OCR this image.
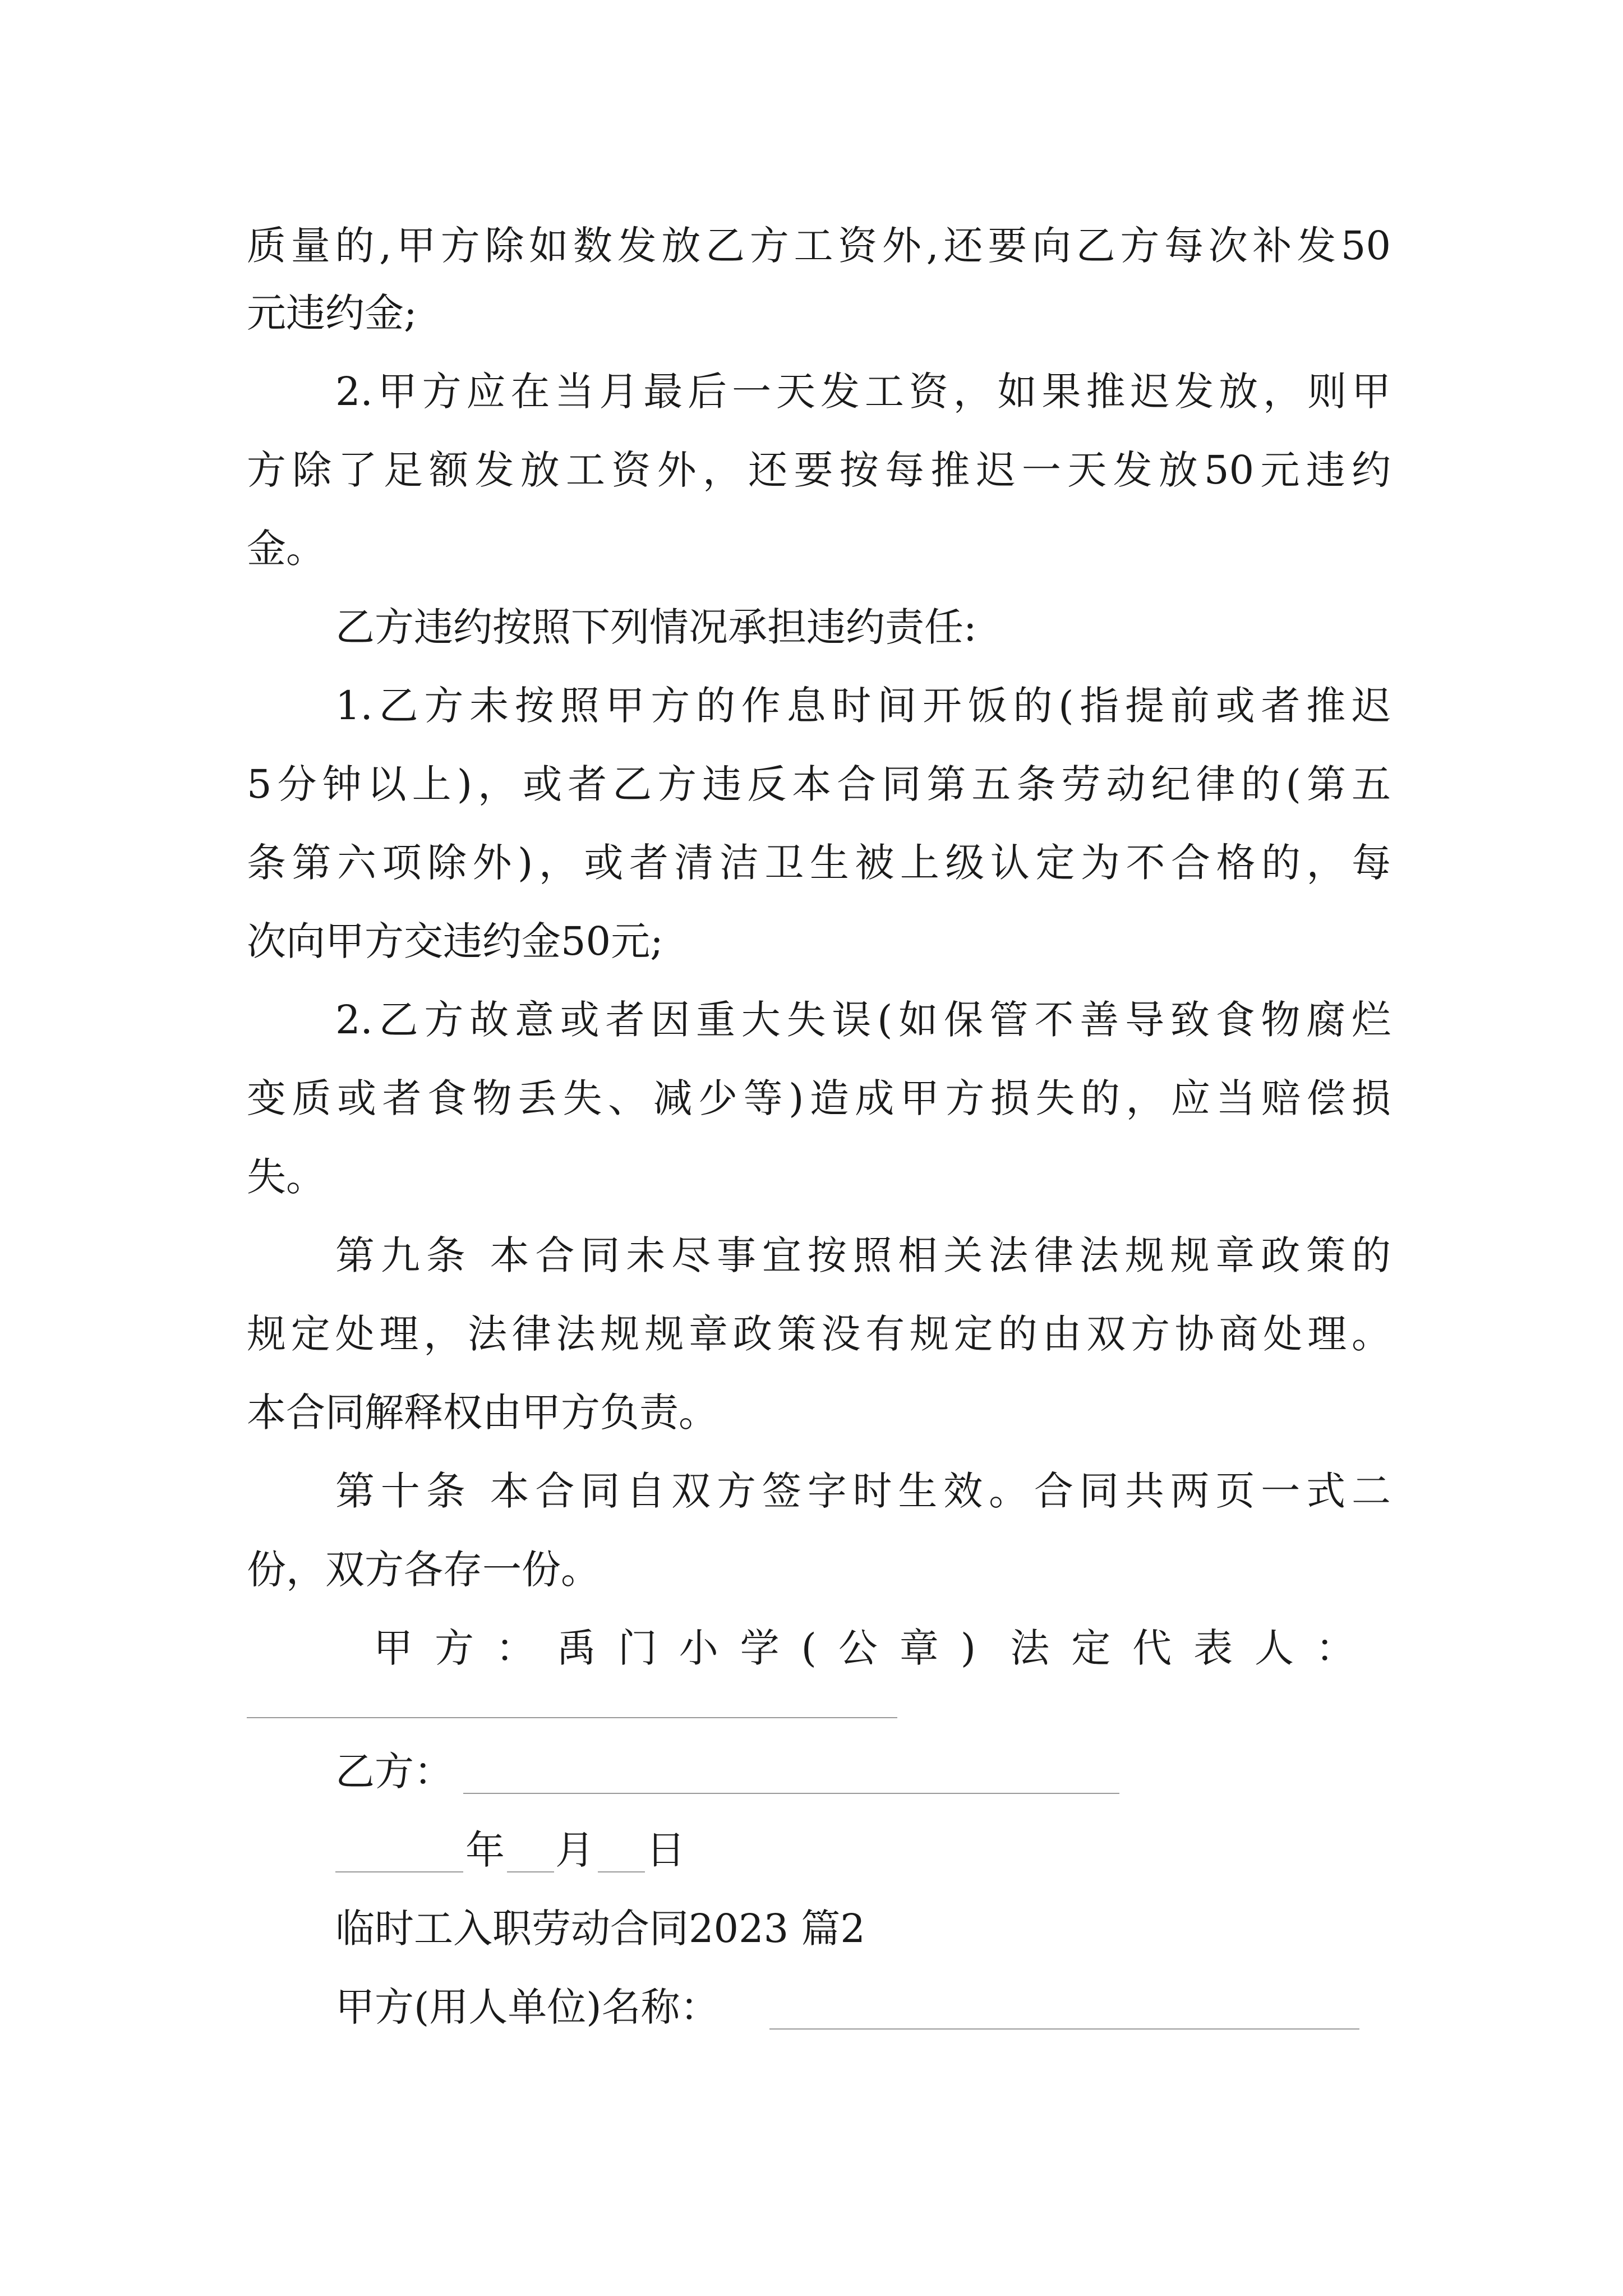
质量的,甲方除如数发放乙方工资外,还要向乙方每次补发50
元违约金;
2.甲方应在当月最后一天发工资，如果推迟发放，则甲
方除了足额发放工资外，还要按每推迟一天发放50元违约
金。
乙方违约按照下列情况承担违约责任:
1.乙方未按照甲方的作息时间开饭的(指提前或者推迟
5分钟以上)，或者乙方违反本合同第五条劳动纪律的(第五
条第六项除外)，或者清洁卫生被上级认定为不合格的，每
次向甲方交违约金50元;
2.乙方故意或者因重大失误(如保管不善导致食物腐烂
变质或者食物丢失、减少等)造成甲方损失的，应当赔偿损
失。
第九条 本合同未尽事宜按照相关法律法规规章政策的
规定处理，法律法规规章政策没有规定的由双方协商处理。
本合同解释权由甲方负责。
第十条 本合同自双方签字时生效。合同共两页一式二
份，双方各存一份。
甲方：禹门小学(公章) 法定代表人：
乙方：
年 月 日
临时工入职劳动合同2023 篇2
甲方(用人单位)名称：
